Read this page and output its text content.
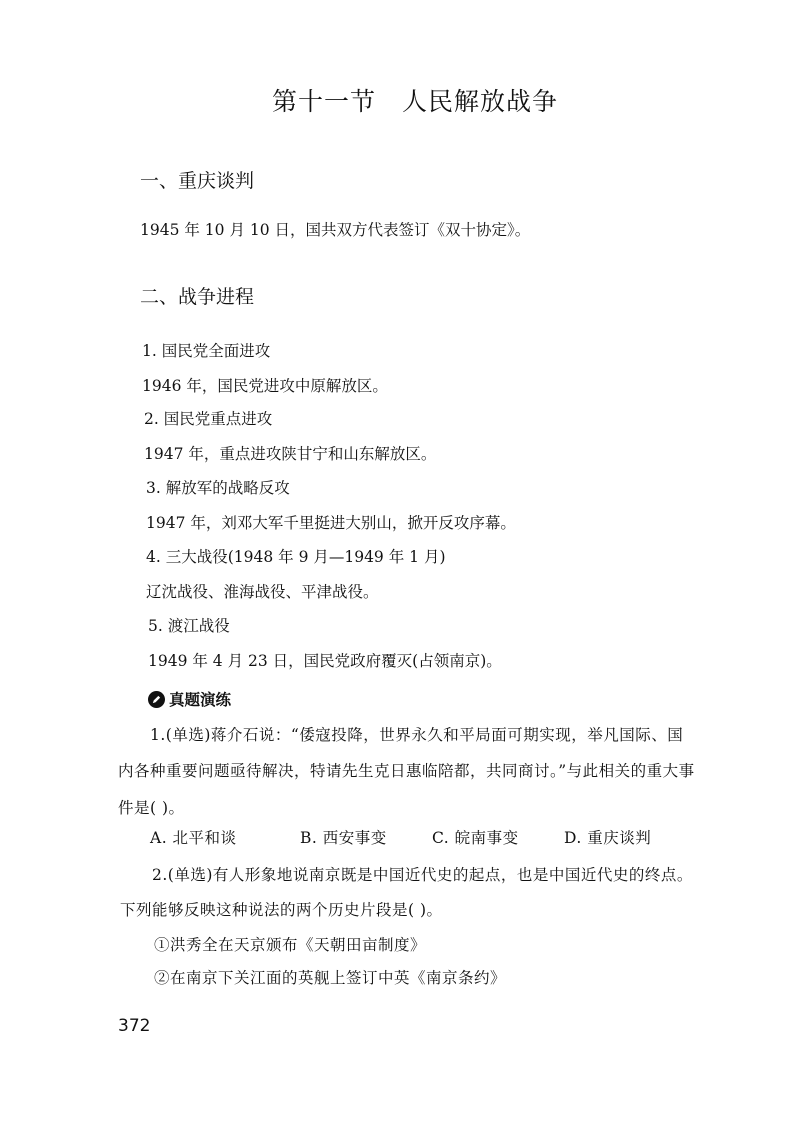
第十一节 人民解放战争
一、重庆谈判
1945 年 10 月 10 日，国共双方代表签订《双十协定》。
二、战争进程
1. 国民党全面进攻
1946 年，国民党进攻中原解放区。
2. 国民党重点进攻
1947 年，重点进攻陕甘宁和山东解放区。
3. 解放军的战略反攻
1947 年，刘邓大军千里挺进大别山，掀开反攻序幕。
4. 三大战役(1948 年 9 月—1949 年 1 月)
辽沈战役、淮海战役、平津战役。
5. 渡江战役
1949 年 4 月 23 日，国民党政府覆灭(占领南京)。
真题演练
1.(单选)蒋介石说：“倭寇投降，世界永久和平局面可期实现，举凡国际、国
内各种重要问题亟待解决，特请先生克日惠临陪都，共同商讨。”与此相关的重大事
件是( )。
A. 北平和谈	B. 西安事变	C. 皖南事变	D. 重庆谈判
2.(单选)有人形象地说南京既是中国近代史的起点，也是中国近代史的终点。
下列能够反映这种说法的两个历史片段是( )。
①洪秀全在天京颁布《天朝田亩制度》
②在南京下关江面的英舰上签订中英《南京条约》
372
